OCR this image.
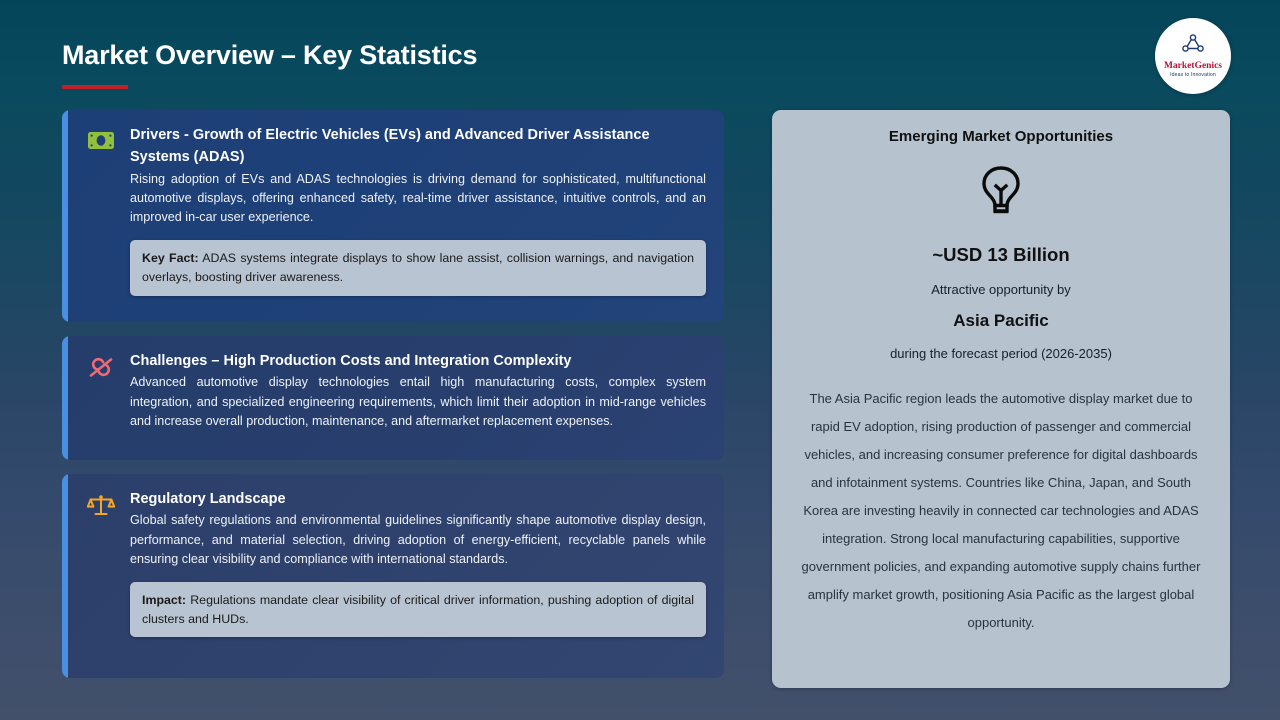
Market Overview – Key Statistics	MarketGenics
Ideas to Innovation
Drivers - Growth of Electric Vehicles (EVs) and Advanced Driver Assistance Systems (ADAS)
Rising adoption of EVs and ADAS technologies is driving demand for sophisticated, multifunctional automotive displays, offering enhanced safety, real-time driver assistance, intuitive controls, and an improved in-car user experience.
Key Fact: ADAS systems integrate displays to show lane assist, collision warnings, and navigation overlays, boosting driver awareness.
Challenges – High Production Costs and Integration Complexity
Advanced automotive display technologies entail high manufacturing costs, complex system integration, and specialized engineering requirements, which limit their adoption in mid-range vehicles and increase overall production, maintenance, and aftermarket replacement expenses.
Regulatory Landscape
Global safety regulations and environmental guidelines significantly shape automotive display design, performance, and material selection, driving adoption of energy-efficient, recyclable panels while ensuring clear visibility and compliance with international standards.
Impact: Regulations mandate clear visibility of critical driver information, pushing adoption of digital clusters and HUDs.
Emerging Market Opportunities
~USD 13 Billion
Attractive opportunity by
Asia Pacific
during the forecast period (2026-2035)
The Asia Pacific region leads the automotive display market due to rapid EV adoption, rising production of passenger and commercial vehicles, and increasing consumer preference for digital dashboards and infotainment systems. Countries like China, Japan, and South Korea are investing heavily in connected car technologies and ADAS integration. Strong local manufacturing capabilities, supportive government policies, and expanding automotive supply chains further amplify market growth, positioning Asia Pacific as the largest global opportunity.
